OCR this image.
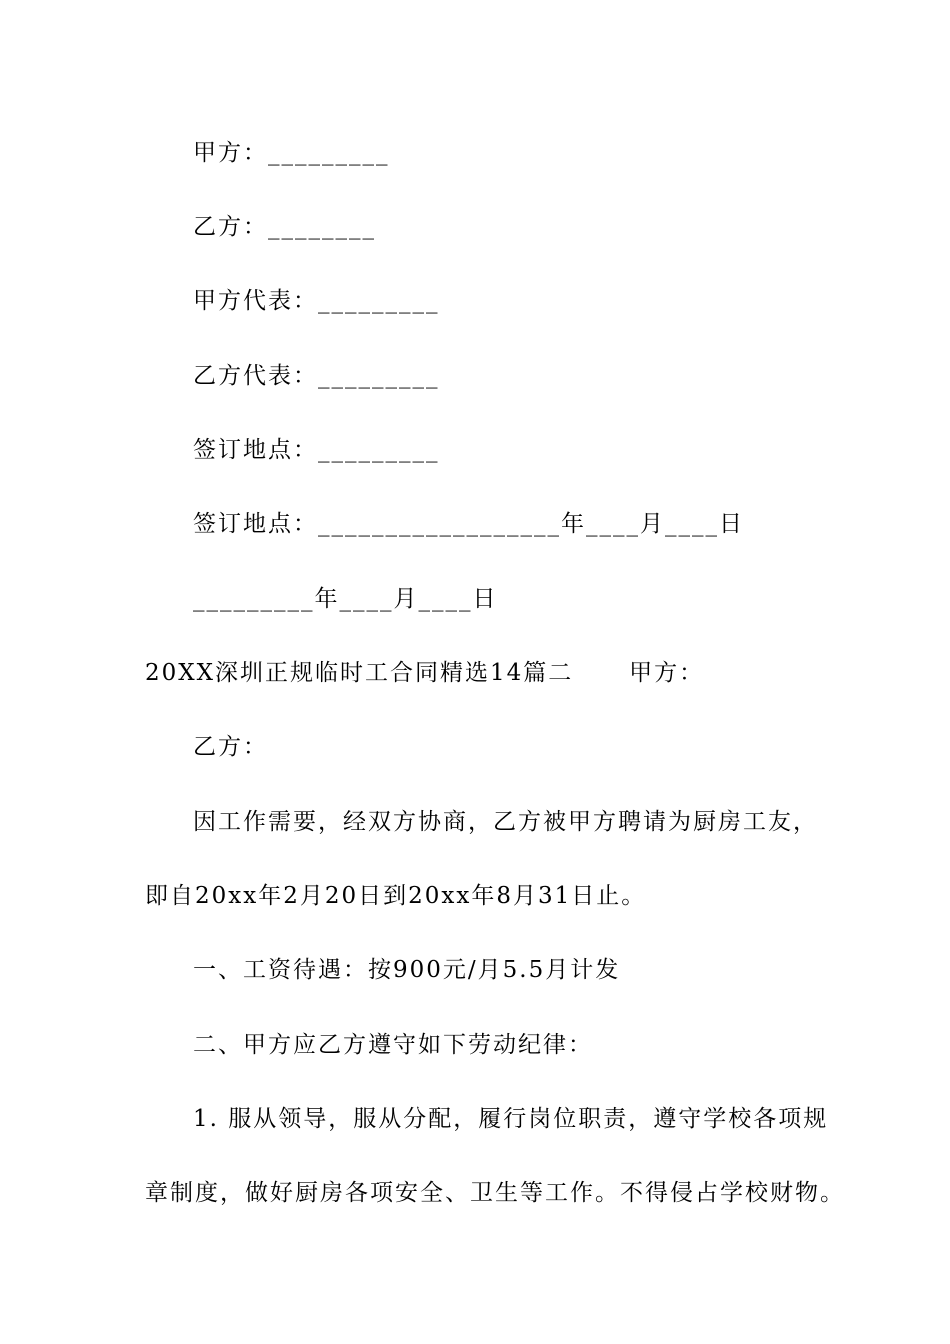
甲方：_________
乙方：________
甲方代表：_________
乙方代表：_________
签订地点：_________
签订地点：__________________年____月____日
_________年____月____日
20XX深圳正规临时工合同精选14篇二      甲方：
乙方：
因工作需要，经双方协商，乙方被甲方聘请为厨房工友，
即自20xx年2月20日到20xx年8月31日止。
一、工资待遇：按900元/月5.5月计发
二、甲方应乙方遵守如下劳动纪律：
1. 服从领导，服从分配，履行岗位职责，遵守学校各项规
章制度，做好厨房各项安全、卫生等工作。不得侵占学校财物。
